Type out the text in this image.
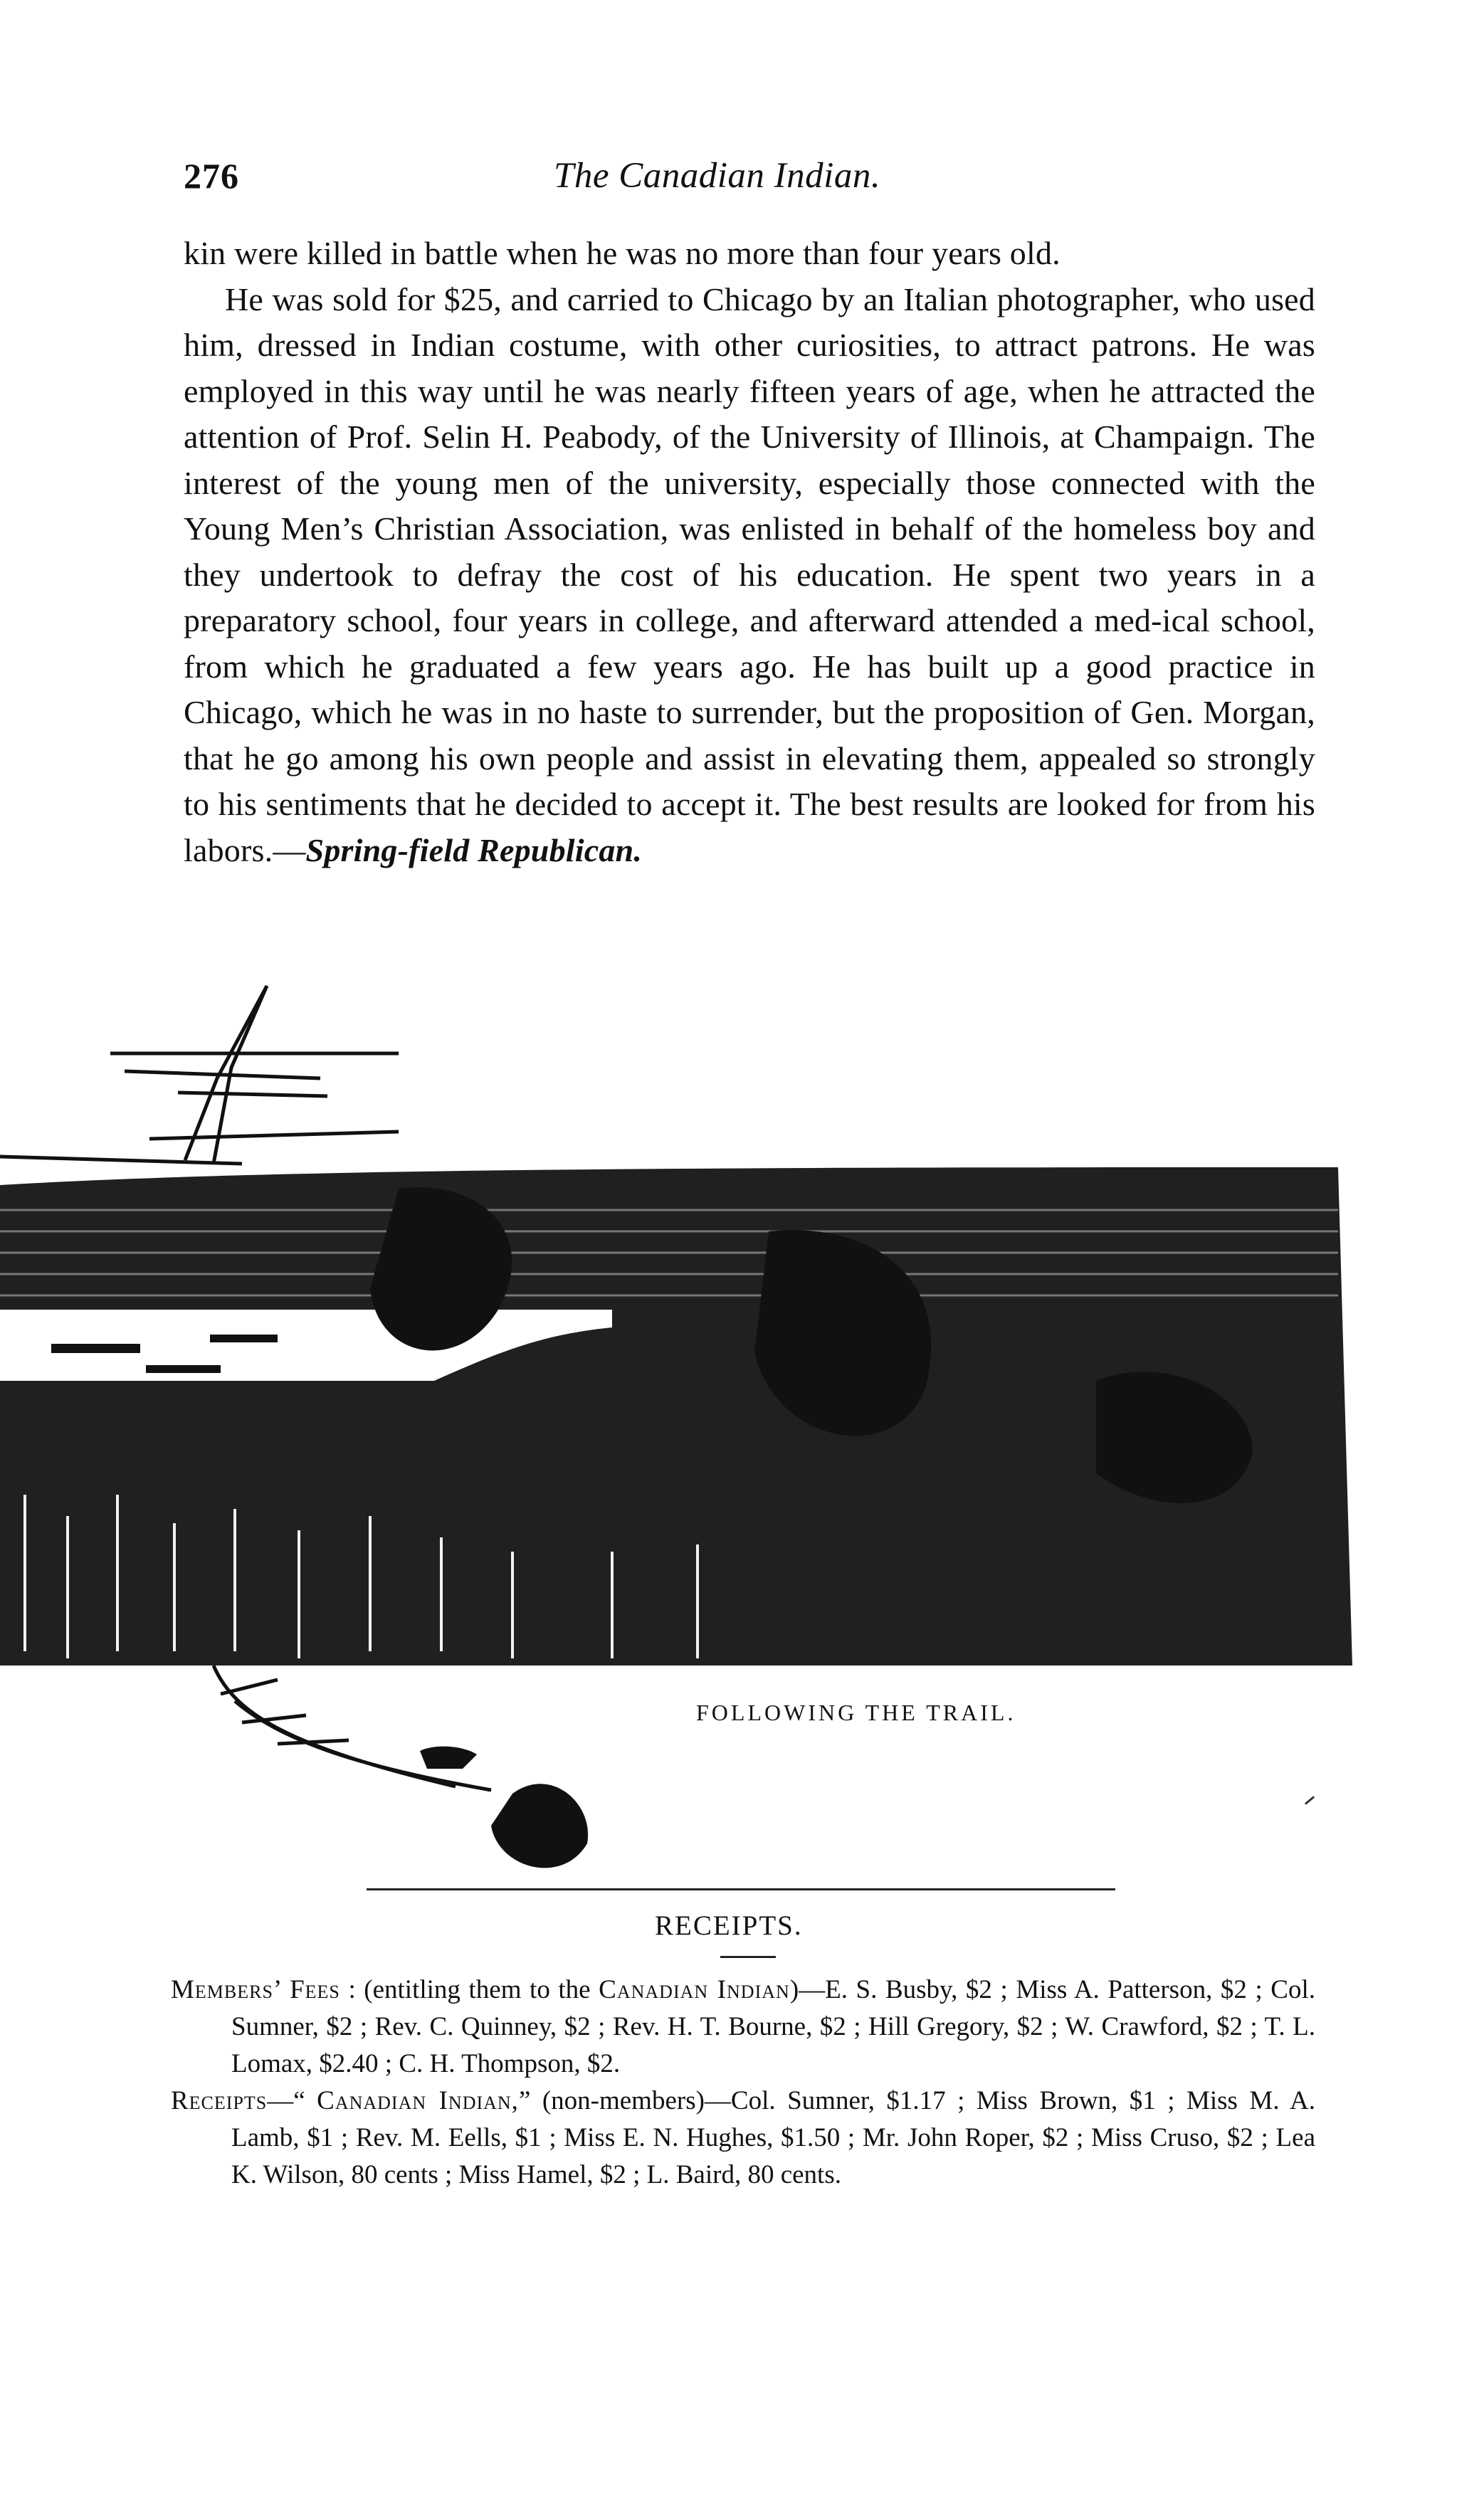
276	The Canadian Indian.

kin were killed in battle when he was no more than four years old.

He was sold for $25, and carried to Chicago by an Italian photographer, who used him, dressed in Indian costume, with other curiosities, to attract patrons. He was employed in this way until he was nearly fifteen years of age, when he attracted the attention of Prof. Selin H. Peabody, of the University of Illinois, at Champaign. The interest of the young men of the university, especially those connected with the Young Men’s Christian Association, was enlisted in behalf of the homeless boy and they undertook to defray the cost of his education. He spent two years in a preparatory school, four years in college, and afterward attended a med-ical school, from which he graduated a few years ago. He has built up a good practice in Chicago, which he was in no haste to surrender, but the proposition of Gen. Morgan, that he go among his own people and assist in elevating them, appealed so strongly to his sentiments that he decided to accept it. The best results are looked for from his labors.—Spring-field Republican.

FOLLOWING THE TRAIL.
RECEIPTS.

Members’ Fees : (entitling them to the Canadian Indian)—E. S. Busby, $2 ; Miss A. Patterson, $2 ; Col. Sumner, $2 ; Rev. C. Quinney, $2 ; Rev. H. T. Bourne, $2 ; Hill Gregory, $2 ; W. Crawford, $2 ; T. L. Lomax, $2.40 ; C. H. Thompson, $2.

Receipts—“ Canadian Indian,” (non-members)—Col. Sumner, $1.17 ; Miss Brown, $1 ; Miss M. A. Lamb, $1 ; Rev. M. Eells, $1 ; Miss E. N. Hughes, $1.50 ; Mr. John Roper, $2 ; Miss Cruso, $2 ; Lea K. Wilson, 80 cents ; Miss Hamel, $2 ; L. Baird, 80 cents.
